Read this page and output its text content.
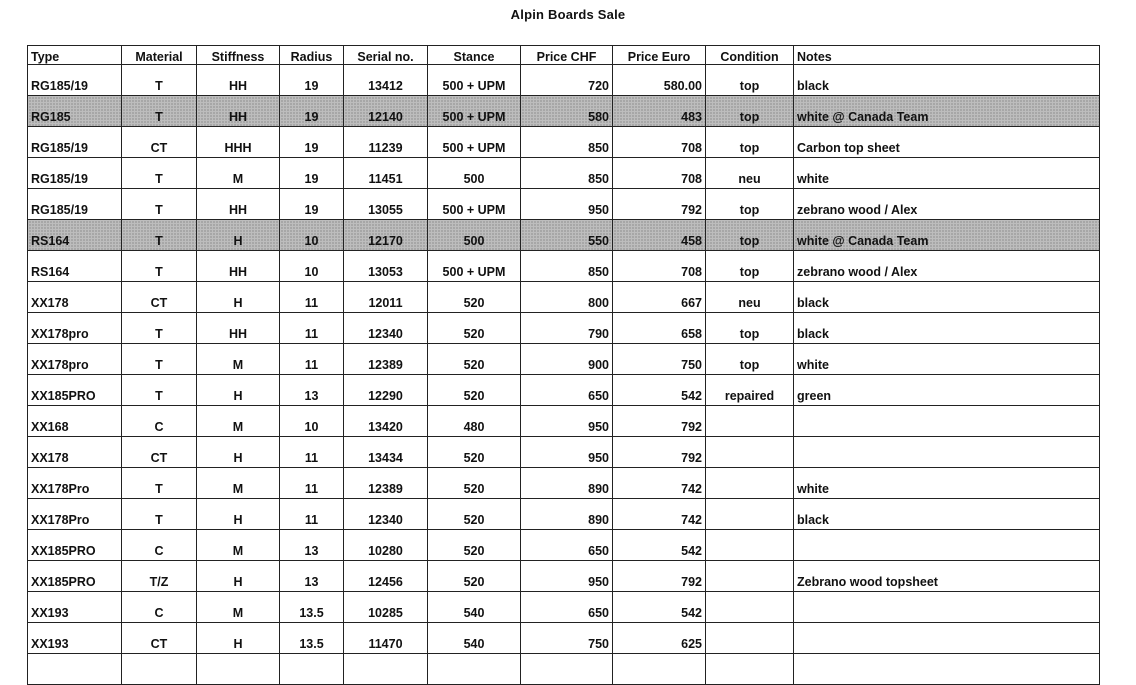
Alpin Boards Sale
Type	Material	Stiffness	Radius	Serial no.	Stance	Price CHF	Price Euro	Condition	Notes
RG185/19	T	HH	19	13412	500 + UPM	720	580.00	top	black
RG185	T	HH	19	12140	500 + UPM	580	483	top	white @ Canada Team
RG185/19	CT	HHH	19	11239	500 + UPM	850	708	top	Carbon top sheet
RG185/19	T	M	19	11451	500	850	708	neu	white
RG185/19	T	HH	19	13055	500 + UPM	950	792	top	zebrano wood / Alex
RS164	T	H	10	12170	500	550	458	top	white @ Canada Team
RS164	T	HH	10	13053	500 + UPM	850	708	top	zebrano wood / Alex
XX178	CT	H	11	12011	520	800	667	neu	black
XX178pro	T	HH	11	12340	520	790	658	top	black
XX178pro	T	M	11	12389	520	900	750	top	white
XX185PRO	T	H	13	12290	520	650	542	repaired	green
XX168	C	M	10	13420	480	950	792		
XX178	CT	H	11	13434	520	950	792		
XX178Pro	T	M	11	12389	520	890	742		white
XX178Pro	T	H	11	12340	520	890	742		black
XX185PRO	C	M	13	10280	520	650	542		
XX185PRO	T/Z	H	13	12456	520	950	792		Zebrano wood topsheet
XX193	C	M	13.5	10285	540	650	542		
XX193	CT	H	13.5	11470	540	750	625		
